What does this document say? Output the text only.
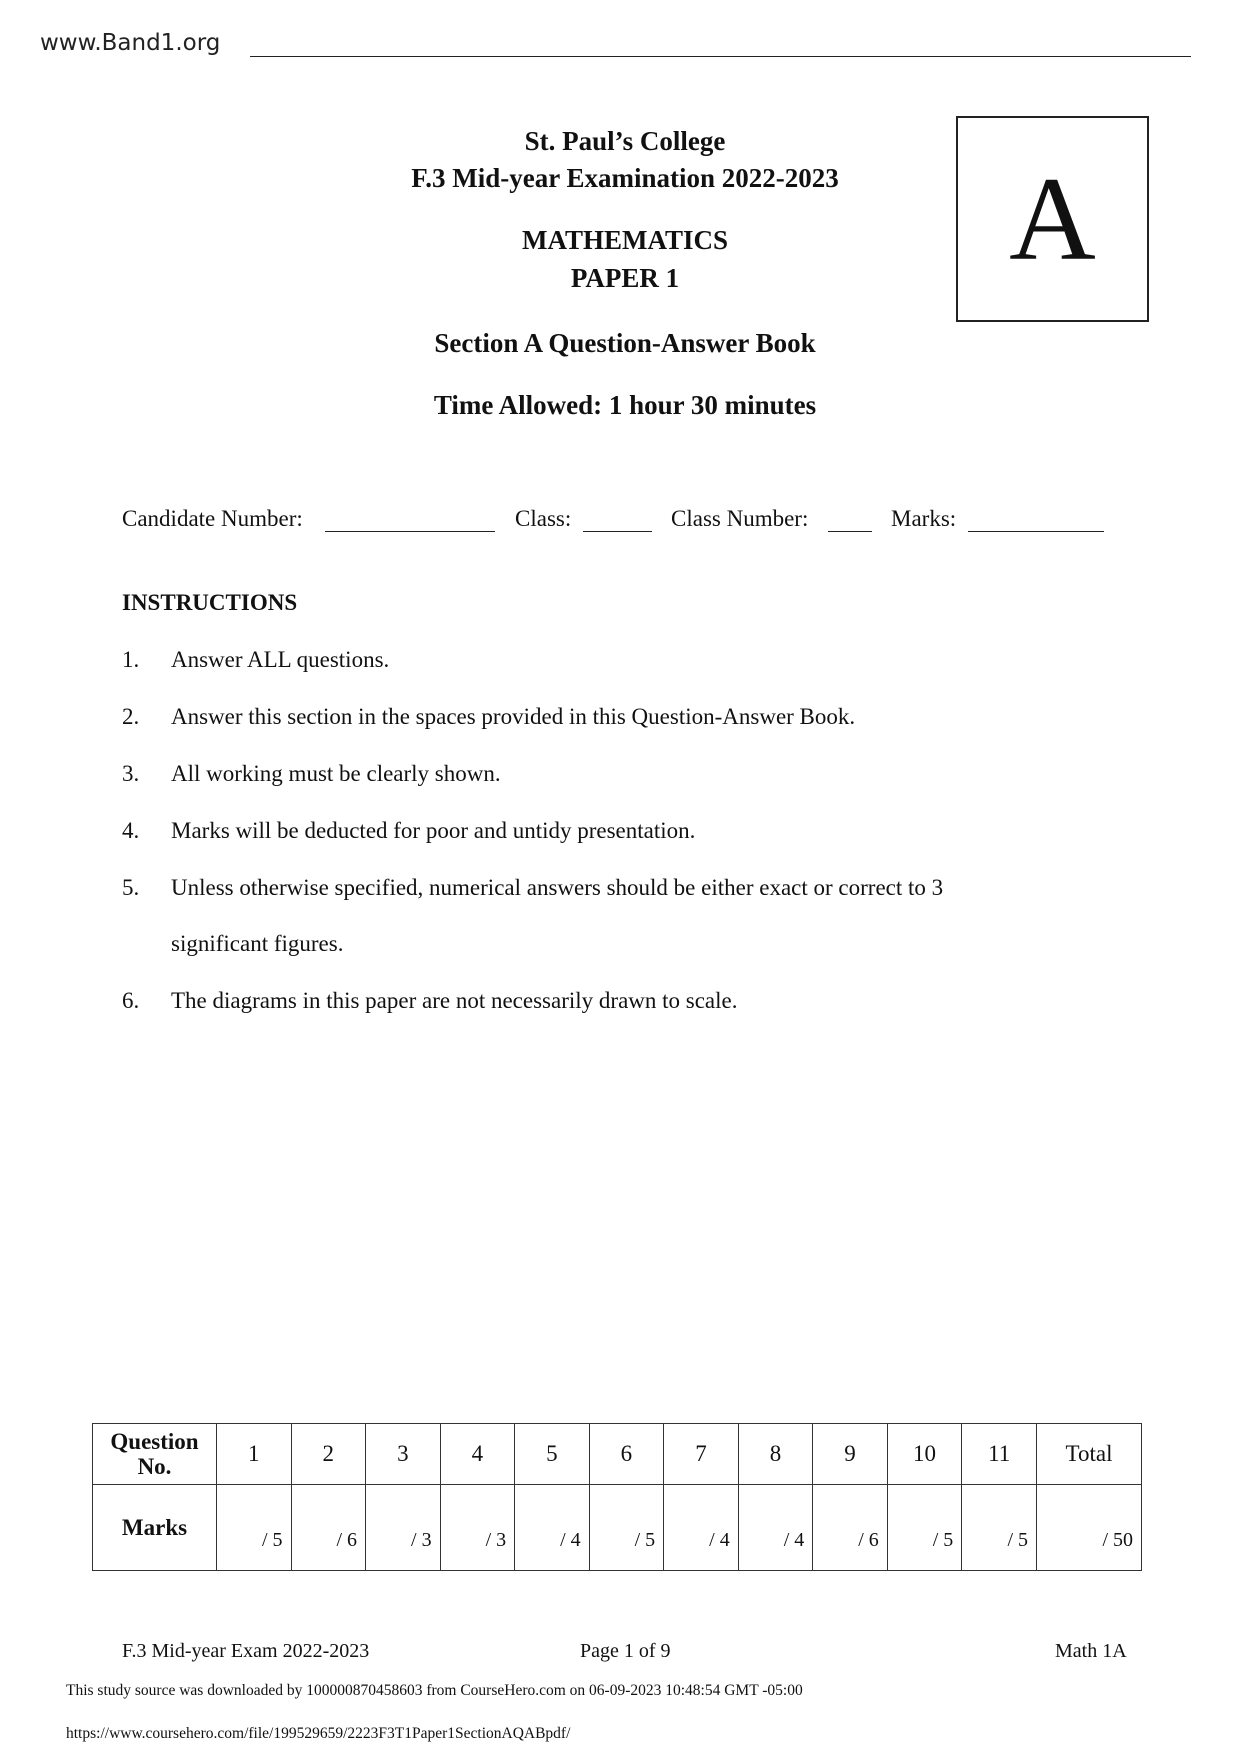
www.Band1.org
St. Paul’s College
F.3 Mid-year Examination 2022-2023
MATHEMATICS
PAPER 1
Section A Question-Answer Book
Time Allowed: 1 hour 30 minutes
A
Candidate Number:	Class:	Class Number:	Marks:
INSTRUCTIONS
1. Answer ALL questions.
2. Answer this section in the spaces provided in this Question-Answer Book.
3. All working must be clearly shown.
4. Marks will be deducted for poor and untidy presentation.
5. Unless otherwise specified, numerical answers should be either exact or correct to 3
significant figures.
6. The diagrams in this paper are not necessarily drawn to scale.
Question No.	1	2	3	4	5	6	7	8	9	10	11	Total
Marks	/ 5	/ 6	/ 3	/ 3	/ 4	/ 5	/ 4	/ 4	/ 6	/ 5	/ 5	/ 50
F.3 Mid-year Exam 2022-2023	Page 1 of 9	Math 1A
This study source was downloaded by 100000870458603 from CourseHero.com on 06-09-2023 10:48:54 GMT -05:00
https://www.coursehero.com/file/199529659/2223F3T1Paper1SectionAQABpdf/
